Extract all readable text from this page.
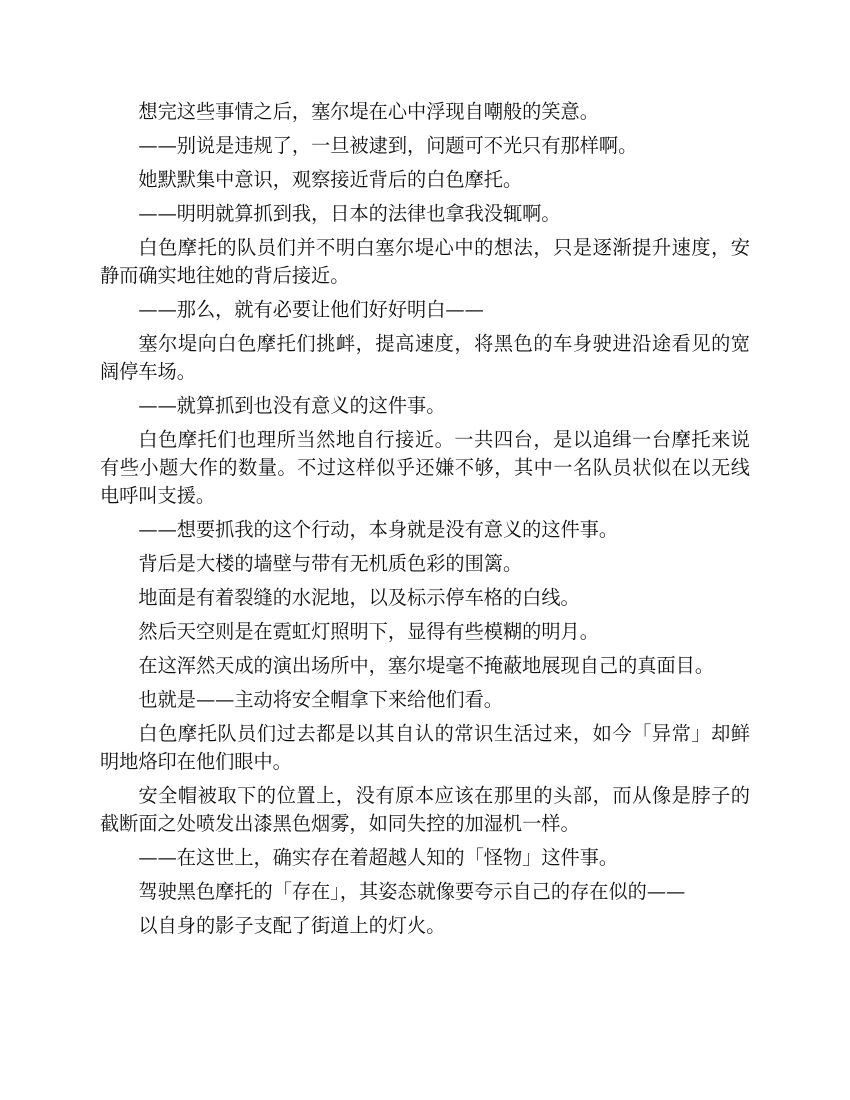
想完这些事情之后，塞尔堤在心中浮现自嘲般的笑意。

——别说是违规了，一旦被逮到，问题可不光只有那样啊。

她默默集中意识，观察接近背后的白色摩托。

——明明就算抓到我，日本的法律也拿我没辄啊。

白色摩托的队员们并不明白塞尔堤心中的想法，只是逐渐提升速度，安静而确实地往她的背后接近。

——那么，就有必要让他们好好明白——

塞尔堤向白色摩托们挑衅，提高速度，将黑色的车身驶进沿途看见的宽阔停车场。

——就算抓到也没有意义的这件事。

白色摩托们也理所当然地自行接近。一共四台，是以追缉一台摩托来说有些小题大作的数量。不过这样似乎还嫌不够，其中一名队员状似在以无线电呼叫支援。

——想要抓我的这个行动，本身就是没有意义的这件事。

背后是大楼的墙壁与带有无机质色彩的围篱。

地面是有着裂缝的水泥地，以及标示停车格的白线。

然后天空则是在霓虹灯照明下，显得有些模糊的明月。

在这浑然天成的演出场所中，塞尔堤毫不掩蔽地展现自己的真面目。

也就是——主动将安全帽拿下来给他们看。

白色摩托队员们过去都是以其自认的常识生活过来，如今「异常」却鲜明地烙印在他们眼中。

安全帽被取下的位置上，没有原本应该在那里的头部，而从像是脖子的截断面之处喷发出漆黑色烟雾，如同失控的加湿机一样。

——在这世上，确实存在着超越人知的「怪物」这件事。

驾驶黑色摩托的「存在」，其姿态就像要夸示自己的存在似的——

以自身的影子支配了街道上的灯火。
